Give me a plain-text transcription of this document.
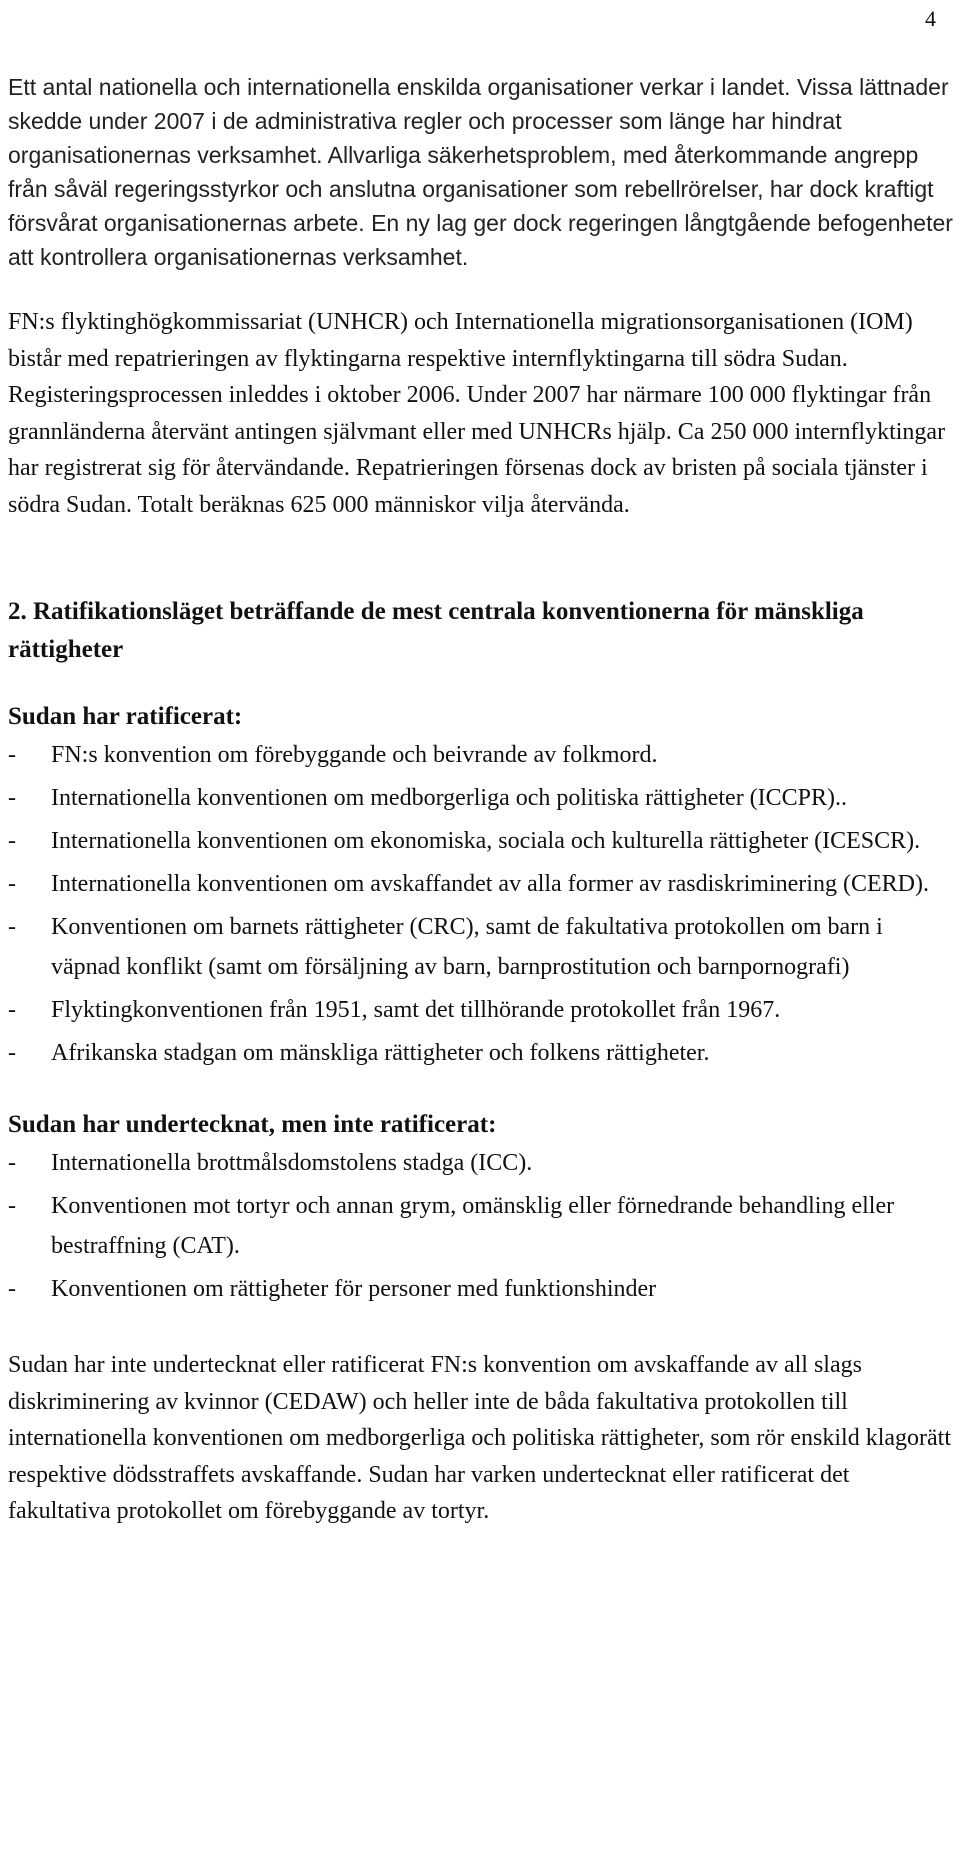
4

Ett antal nationella och internationella enskilda organisationer verkar i landet. Vissa lättnader skedde under 2007 i de administrativa regler och processer som länge har hindrat organisationernas verksamhet. Allvarliga säkerhetsproblem, med återkommande angrepp från såväl regeringsstyrkor och anslutna organisationer som rebellrörelser, har dock kraftigt försvårat organisationernas arbete. En ny lag ger dock regeringen långtgående befogenheter att kontrollera organisationernas verksamhet.

FN:s flyktinghögkommissariat (UNHCR) och Internationella migrationsorganisationen (IOM) bistår med repatrieringen av flyktingarna respektive internflyktingarna till södra Sudan. Registeringsprocessen inleddes i oktober 2006. Under 2007 har närmare 100 000 flyktingar från grannländerna återvänt antingen självmant eller med UNHCRs hjälp. Ca 250 000 internflyktingar har registrerat sig för återvändande. Repatrieringen försenas dock av bristen på sociala tjänster i södra Sudan. Totalt beräknas 625 000 människor vilja återvända.

2. Ratifikationsläget beträffande de mest centrala konventionerna för mänskliga rättigheter
Sudan har ratificerat:
- FN:s konvention om förebyggande och beivrande av folkmord.
- Internationella konventionen om medborgerliga och politiska rättigheter (ICCPR)..
- Internationella konventionen om ekonomiska, sociala och kulturella rättigheter (ICESCR).
- Internationella konventionen om avskaffandet av alla former av rasdiskriminering (CERD).
- Konventionen om barnets rättigheter (CRC), samt de fakultativa protokollen om barn i väpnad konflikt (samt om försäljning av barn, barnprostitution och barnpornografi)
- Flyktingkonventionen från 1951, samt det tillhörande protokollet från 1967.
- Afrikanska stadgan om mänskliga rättigheter och folkens rättigheter.
Sudan har undertecknat, men inte ratificerat:
- Internationella brottmålsdomstolens stadga (ICC).
- Konventionen mot tortyr och annan grym, omänsklig eller förnedrande behandling eller bestraffning (CAT).
- Konventionen om rättigheter för personer med funktionshinder

Sudan har inte undertecknat eller ratificerat FN:s konvention om avskaffande av all slags diskriminering av kvinnor (CEDAW) och heller inte de båda fakultativa protokollen till internationella konventionen om medborgerliga och politiska rättigheter, som rör enskild klagorätt respektive dödsstraffets avskaffande. Sudan har varken undertecknat eller ratificerat det fakultativa protokollet om förebyggande av tortyr.
